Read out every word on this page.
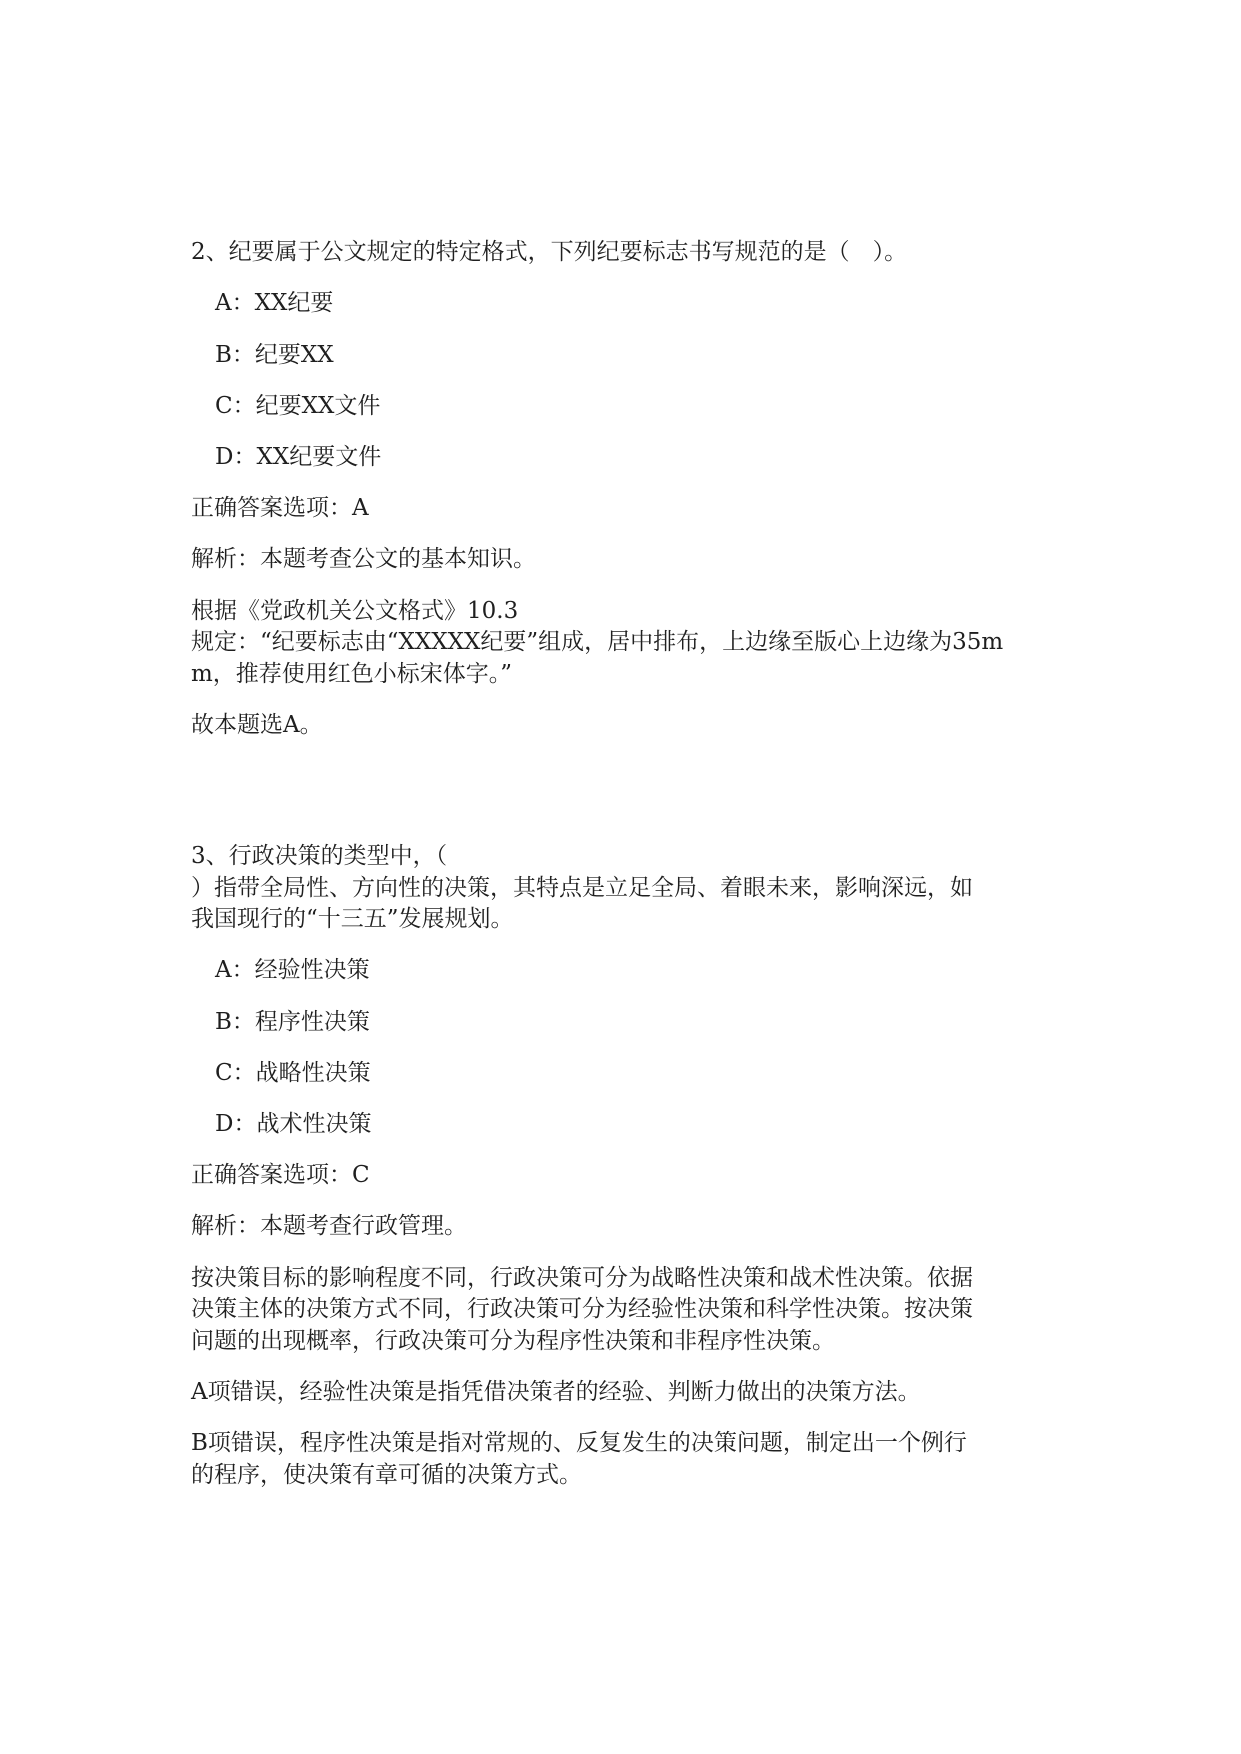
2、纪要属于公文规定的特定格式，下列纪要标志书写规范的是（　）。
A：XX纪要
B：纪要XX
C：纪要XX文件
D：XX纪要文件
正确答案选项：A
解析：本题考查公文的基本知识。
根据《党政机关公文格式》10.3
规定：“纪要标志由“XXXXX纪要”组成，居中排布，上边缘至版心上边缘为35m
m，推荐使用红色小标宋体字。”
故本题选A。
3、行政决策的类型中，（
）指带全局性、方向性的决策，其特点是立足全局、着眼未来，影响深远，如
我国现行的“十三五”发展规划。
A：经验性决策
B：程序性决策
C：战略性决策
D：战术性决策
正确答案选项：C
解析：本题考查行政管理。
按决策目标的影响程度不同，行政决策可分为战略性决策和战术性决策。依据
决策主体的决策方式不同，行政决策可分为经验性决策和科学性决策。按决策
问题的出现概率，行政决策可分为程序性决策和非程序性决策。
A项错误，经验性决策是指凭借决策者的经验、判断力做出的决策方法。
B项错误，程序性决策是指对常规的、反复发生的决策问题，制定出一个例行
的程序，使决策有章可循的决策方式。
